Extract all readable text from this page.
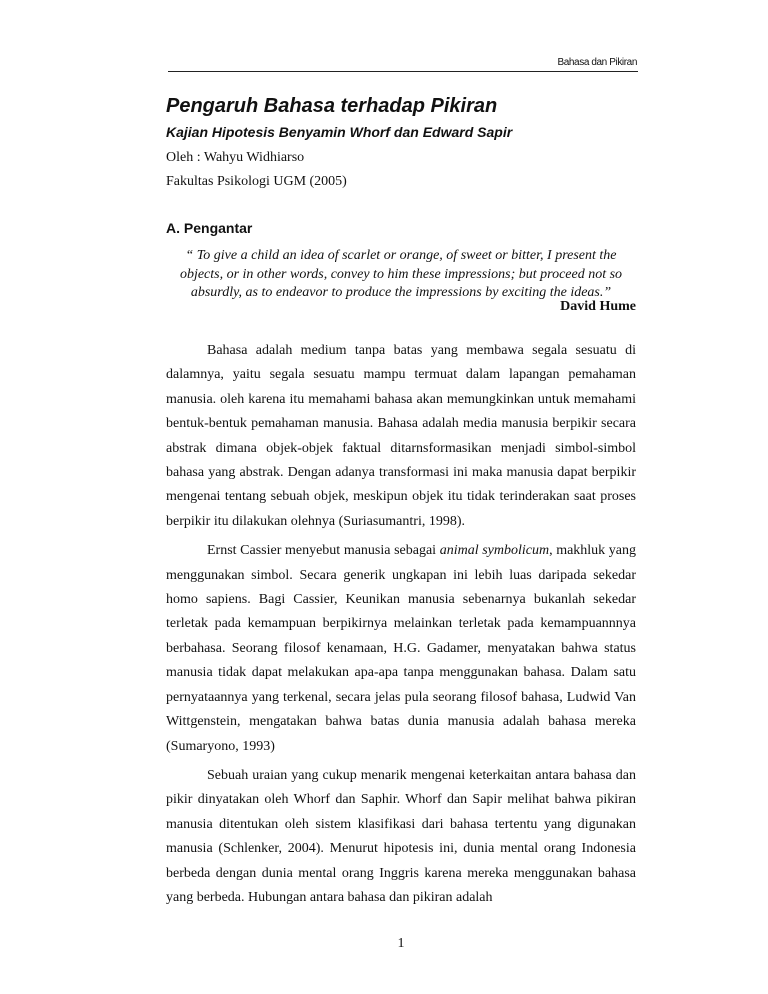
Bahasa dan Pikiran
Pengaruh Bahasa terhadap Pikiran
Kajian Hipotesis Benyamin Whorf dan Edward Sapir
Oleh : Wahyu Widhiarso
Fakultas Psikologi UGM (2005)
A. Pengantar

“ To give a child an idea of scarlet or orange, of sweet or bitter, I present the objects, or in other words, convey to him these impressions; but proceed not so absurdly, as to endeavor to produce the impressions by exciting the ideas.”

David Hume

Bahasa adalah medium tanpa batas yang membawa segala sesuatu di dalamnya, yaitu segala sesuatu mampu termuat dalam lapangan pemahaman manusia. oleh karena itu memahami bahasa akan memungkinkan untuk memahami bentuk-bentuk pemahaman manusia. Bahasa adalah media manusia berpikir secara abstrak dimana objek-objek faktual ditarnsformasikan menjadi simbol-simbol bahasa yang abstrak. Dengan adanya transformasi ini maka manusia dapat berpikir mengenai tentang sebuah objek, meskipun objek itu tidak terinderakan saat proses berpikir itu dilakukan olehnya (Suriasumantri, 1998).

Ernst Cassier menyebut manusia sebagai animal symbolicum, makhluk yang menggunakan simbol. Secara generik ungkapan ini lebih luas daripada sekedar homo sapiens. Bagi Cassier, Keunikan manusia sebenarnya bukanlah sekedar terletak pada kemampuan berpikirnya melainkan terletak pada kemampuannnya berbahasa. Seorang filosof kenamaan, H.G. Gadamer, menyatakan bahwa status manusia tidak dapat melakukan apa-apa tanpa menggunakan bahasa. Dalam satu pernyataannya yang terkenal, secara jelas pula seorang filosof bahasa, Ludwid Van Wittgenstein, mengatakan bahwa batas dunia manusia adalah bahasa mereka (Sumaryono, 1993)

Sebuah uraian yang cukup menarik mengenai keterkaitan antara bahasa dan pikir dinyatakan oleh Whorf dan Saphir. Whorf dan Sapir melihat bahwa pikiran manusia ditentukan oleh sistem klasifikasi dari bahasa tertentu yang digunakan manusia (Schlenker, 2004). Menurut hipotesis ini, dunia mental orang Indonesia berbeda dengan dunia mental orang Inggris karena mereka menggunakan bahasa yang berbeda. Hubungan antara bahasa dan pikiran adalah

1
